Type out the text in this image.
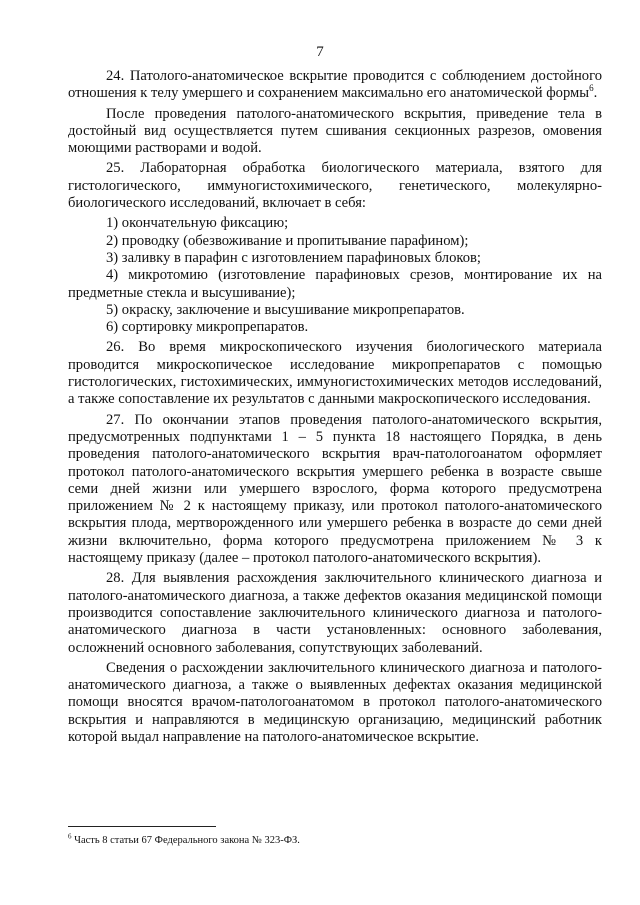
7

24. Патолого-анатомическое вскрытие проводится с соблюдением достойного отношения к телу умершего и сохранением максимально его анатомической формы$^6$.

После проведения патолого-анатомического вскрытия, приведение тела в достойный вид осуществляется путем сшивания секционных разрезов, омовения моющими растворами и водой.

25. Лабораторная обработка биологического материала, взятого для гистологического, иммуногистохимического, генетического, молекулярно-биологического исследований, включает в себя:

1) окончательную фиксацию;

2) проводку (обезвоживание и пропитывание парафином);

3) заливку в парафин с изготовлением парафиновых блоков;

4) микротомию (изготовление парафиновых срезов, монтирование их на предметные стекла и высушивание);

5) окраску, заключение и высушивание микропрепаратов.

6) сортировку микропрепаратов.

26. Во время микроскопического изучения биологического материала проводится микроскопическое исследование микропрепаратов с помощью гистологических, гистохимических, иммуногистохимических методов исследований, а также сопоставление их результатов с данными макроскопического исследования.

27. По окончании этапов проведения патолого-анатомического вскрытия, предусмотренных подпунктами 1 – 5 пункта 18 настоящего Порядка, в день проведения патолого-анатомического вскрытия врач-патологоанатом оформляет протокол патолого-анатомического вскрытия умершего ребенка в возрасте свыше семи дней жизни или умершего взрослого, форма которого предусмотрена приложением № 2 к настоящему приказу, или протокол патолого-анатомического вскрытия плода, мертворожденного или умершего ребенка в возрасте до семи дней жизни включительно, форма которого предусмотрена приложением № 3 к настоящему приказу (далее – протокол патолого-анатомического вскрытия).

28. Для выявления расхождения заключительного клинического диагноза и патолого-анатомического диагноза, а также дефектов оказания медицинской помощи производится сопоставление заключительного клинического диагноза и патолого-анатомического диагноза в части установленных: основного заболевания, осложнений основного заболевания, сопутствующих заболеваний.

Сведения о расхождении заключительного клинического диагноза и патолого-анатомического диагноза, а также о выявленных дефектах оказания медицинской помощи вносятся врачом-патологоанатомом в протокол патолого-анатомического вскрытия и направляются в медицинскую организацию, медицинский работник которой выдал направление на патолого-анатомическое вскрытие.

$^6$ Часть 8 статьи 67 Федерального закона № 323-ФЗ.
